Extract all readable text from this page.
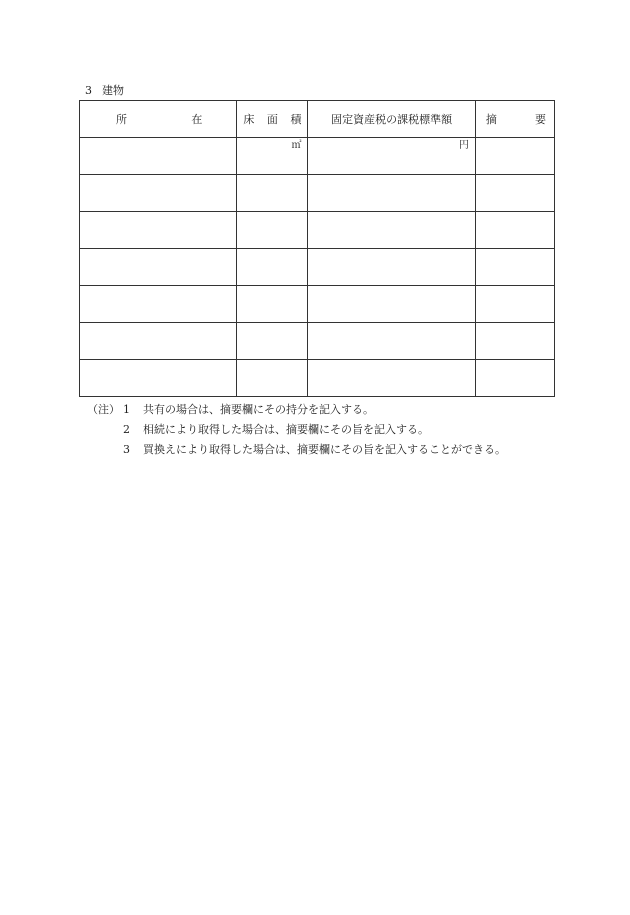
3 建物
所 在	床 面 積	固定資産税の課税標準額	摘 要

	㎡	円	

（注） 1	共有の場合は、摘要欄にその持分を記入する。
2	相続により取得した場合は、摘要欄にその旨を記入する。
3	買換えにより取得した場合は、摘要欄にその旨を記入することができる。
